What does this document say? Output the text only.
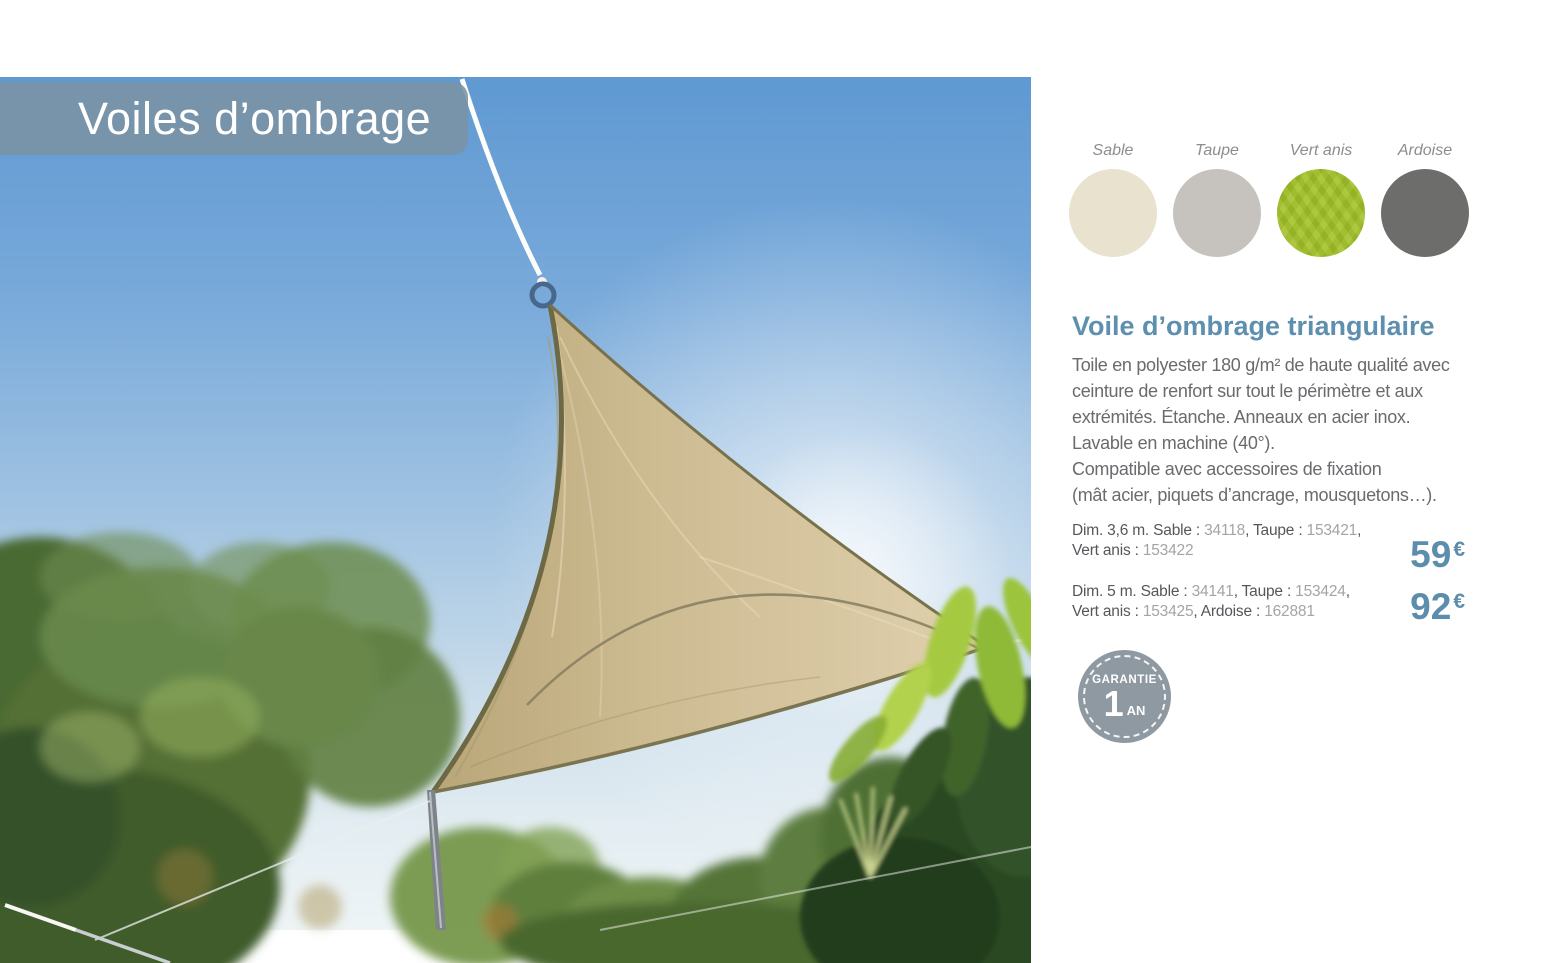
Voiles d’ombrage
Sable	Taupe	Vert anis	Ardoise
Voile d’ombrage triangulaire
Toile en polyester 180 g/m² de haute qualité avec
ceinture de renfort sur tout le périmètre et aux
extrémités. Étanche. Anneaux en acier inox.
Lavable en machine (40°).
Compatible avec accessoires de fixation
(mât acier, piquets d’ancrage, mousquetons…).
Dim. 3,6 m. Sable : 34118, Taupe : 153421,
Vert anis : 153422	59€
Dim. 5 m. Sable : 34141, Taupe : 153424,
Vert anis : 153425, Ardoise : 162881	92€
GARANTIE
1 AN
